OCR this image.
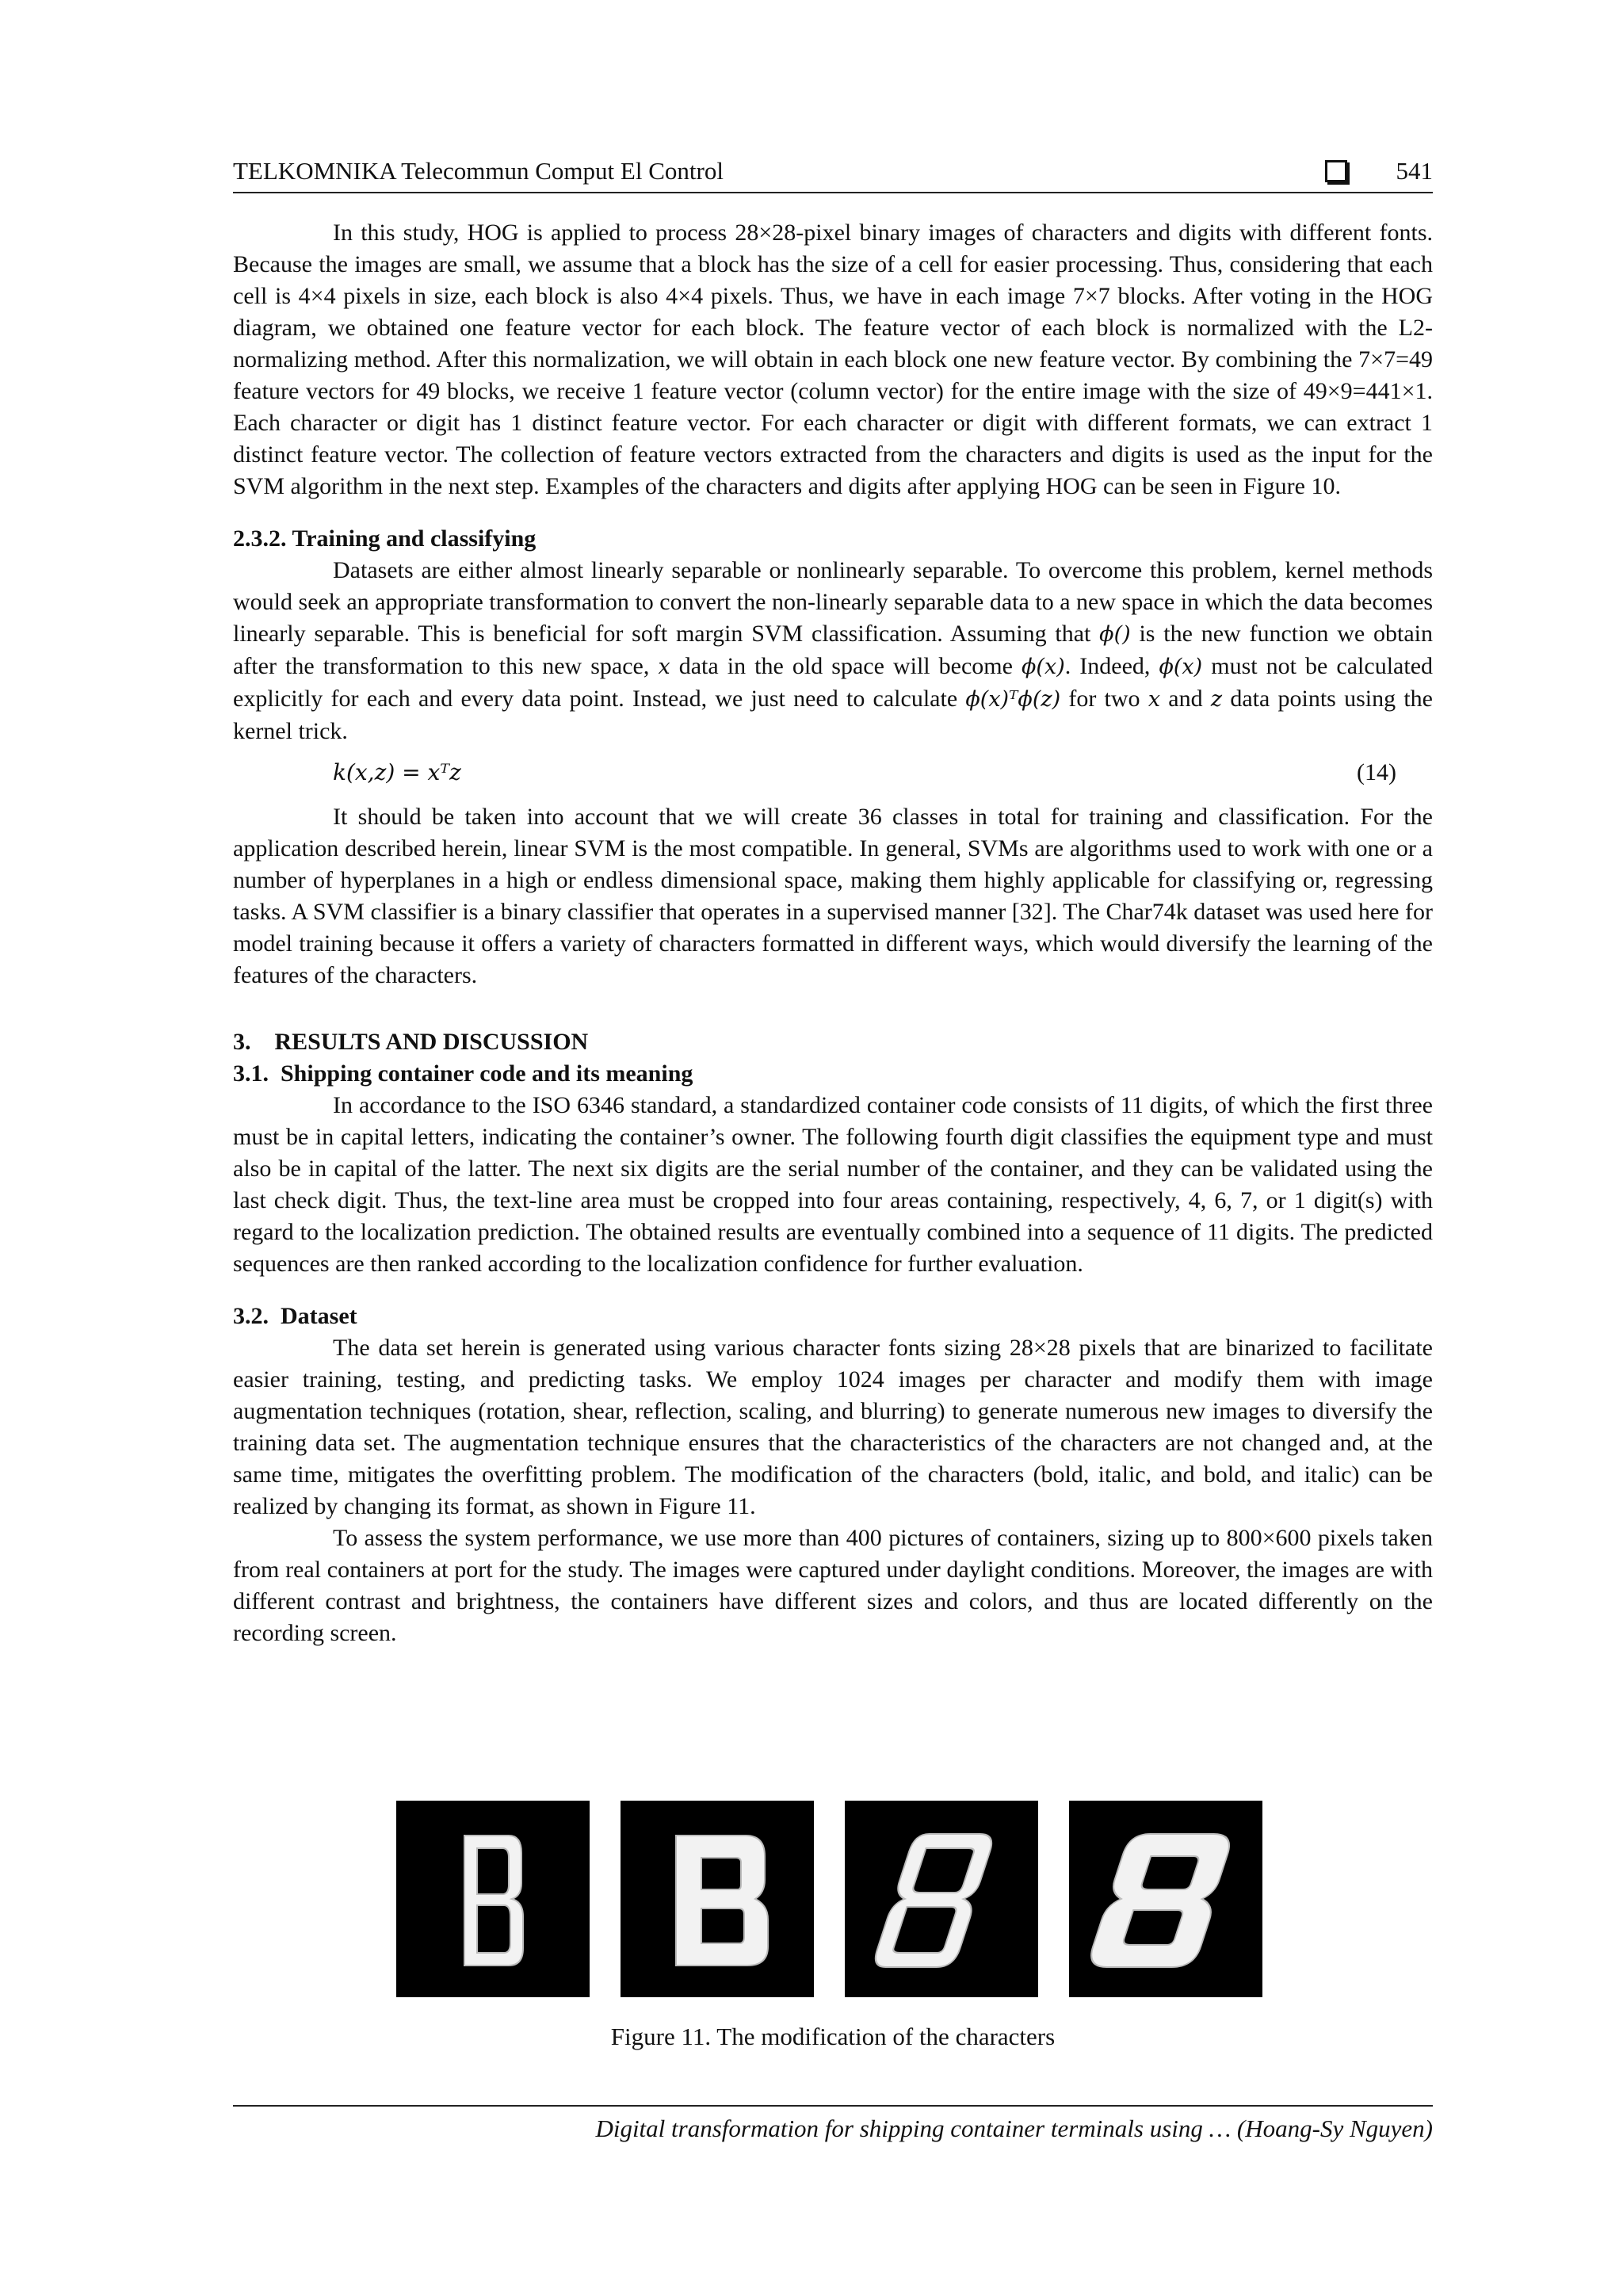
TELKOMNIKA Telecommun Comput El Control	541

In this study, HOG is applied to process 28×28-pixel binary images of characters and digits with different fonts. Because the images are small, we assume that a block has the size of a cell for easier processing. Thus, considering that each cell is 4×4 pixels in size, each block is also 4×4 pixels. Thus, we have in each image 7×7 blocks. After voting in the HOG diagram, we obtained one feature vector for each block. The feature vector of each block is normalized with the L2-normalizing method. After this normalization, we will obtain in each block one new feature vector. By combining the 7×7=49 feature vectors for 49 blocks, we receive 1 feature vector (column vector) for the entire image with the size of 49×9=441×1. Each character or digit has 1 distinct feature vector. For each character or digit with different formats, we can extract 1 distinct feature vector. The collection of feature vectors extracted from the characters and digits is used as the input for the SVM algorithm in the next step. Examples of the characters and digits after applying HOG can be seen in Figure 10.

2.3.2. Training and classifying

Datasets are either almost linearly separable or nonlinearly separable. To overcome this problem, kernel methods would seek an appropriate transformation to convert the non-linearly separable data to a new space in which the data becomes linearly separable. This is beneficial for soft margin SVM classification. Assuming that ϕ() is the new function we obtain after the transformation to this new space, x data in the old space will become ϕ(x). Indeed, ϕ(x) must not be calculated explicitly for each and every data point. Instead, we just need to calculate ϕ(x)ᵀϕ(z) for two x and z data points using the kernel trick.

k(x,z) = xᵀz	(14)

It should be taken into account that we will create 36 classes in total for training and classification. For the application described herein, linear SVM is the most compatible. In general, SVMs are algorithms used to work with one or a number of hyperplanes in a high or endless dimensional space, making them highly applicable for classifying or, regressing tasks. A SVM classifier is a binary classifier that operates in a supervised manner [32]. The Char74k dataset was used here for model training because it offers a variety of characters formatted in different ways, which would diversify the learning of the features of the characters.

3.    RESULTS AND DISCUSSION
3.1.  Shipping container code and its meaning

In accordance to the ISO 6346 standard, a standardized container code consists of 11 digits, of which the first three must be in capital letters, indicating the container’s owner. The following fourth digit classifies the equipment type and must also be in capital of the latter. The next six digits are the serial number of the container, and they can be validated using the last check digit. Thus, the text-line area must be cropped into four areas containing, respectively, 4, 6, 7, or 1 digit(s) with regard to the localization prediction. The obtained results are eventually combined into a sequence of 11 digits. The predicted sequences are then ranked according to the localization confidence for further evaluation.

3.2.  Dataset

The data set herein is generated using various character fonts sizing 28×28 pixels that are binarized to facilitate easier training, testing, and predicting tasks. We employ 1024 images per character and modify them with image augmentation techniques (rotation, shear, reflection, scaling, and blurring) to generate numerous new images to diversify the training data set. The augmentation technique ensures that the characteristics of the characters are not changed and, at the same time, mitigates the overfitting problem. The modification of the characters (bold, italic, and bold, and italic) can be realized by changing its format, as shown in Figure 11.

To assess the system performance, we use more than 400 pictures of containers, sizing up to 800×600 pixels taken from real containers at port for the study. The images were captured under daylight conditions. Moreover, the images are with different contrast and brightness, the containers have different sizes and colors, and thus are located differently on the recording screen.

Figure 11. The modification of the characters
Digital transformation for shipping container terminals using … (Hoang-Sy Nguyen)
